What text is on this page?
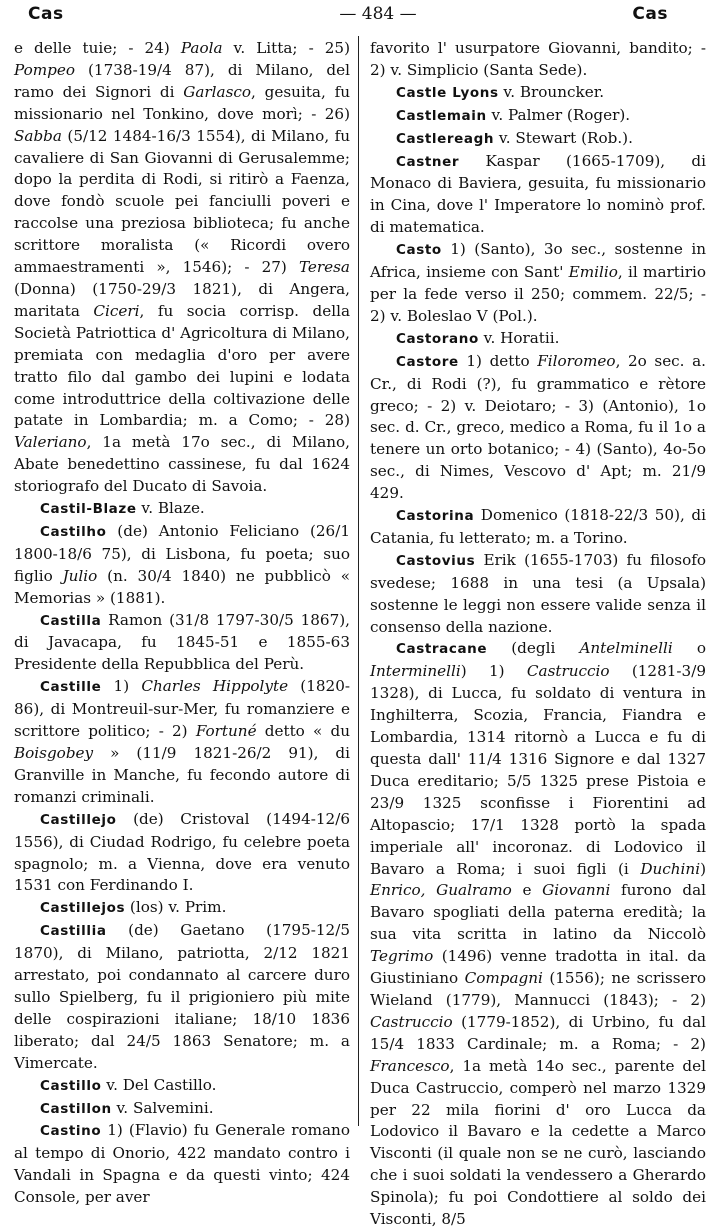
Cas	— 484 —	Cas

e delle tuie; - 24) Paola v. Litta; - 25) Pompeo (1738-19/4 87), di Milano, del ramo dei Signori di Garlasco, gesuita, fu missionario nel Tonkino, dove morì; - 26) Sabba (5/12 1484-16/3 1554), di Milano, fu cavaliere di San Giovanni di Gerusalemme; dopo la perdita di Rodi, si ritirò a Faenza, dove fondò scuole pei fanciulli poveri e raccolse una preziosa biblioteca; fu anche scrittore moralista (« Ricordi overo ammaestramenti », 1546); - 27) Teresa (Donna) (1750-29/3 1821), di Angera, maritata Ciceri, fu socia corrisp. della Società Patriottica d' Agricoltura di Milano, premiata con medaglia d'oro per avere tratto filo dal gambo dei lupini e lodata come introduttrice della coltivazione delle patate in Lombardia; m. a Como; - 28) Valeriano, 1a metà 17o sec., di Milano, Abate benedettino cassinese, fu dal 1624 storiografo del Ducato di Savoia.

Castil-Blaze v. Blaze.

Castilho (de) Antonio Feliciano (26/1 1800-18/6 75), di Lisbona, fu poeta; suo figlio Julio (n. 30/4 1840) ne pubblicò « Memorias » (1881).

Castilla Ramon (31/8 1797-30/5 1867), di Javacapa, fu 1845-51 e 1855-63 Presidente della Repubblica del Perù.

Castille 1) Charles Hippolyte (1820-86), di Montreuil-sur-Mer, fu romanziere e scrittore politico; - 2) Fortuné detto « du Boisgobey » (11/9 1821-26/2 91), di Granville in Manche, fu fecondo autore di romanzi criminali.

Castillejo (de) Cristoval (1494-12/6 1556), di Ciudad Rodrigo, fu celebre poeta spagnolo; m. a Vienna, dove era venuto 1531 con Ferdinando I.

Castillejos (los) v. Prim.

Castillia (de) Gaetano (1795-12/5 1870), di Milano, patriotta, 2/12 1821 arrestato, poi condannato al carcere duro sullo Spielberg, fu il prigioniero più mite delle cospirazioni italiane; 18/10 1836 liberato; dal 24/5 1863 Senatore; m. a Vimercate.

Castillo v. Del Castillo.

Castillon v. Salvemini.

Castino 1) (Flavio) fu Generale romano al tempo di Onorio, 422 mandato contro i Vandali in Spagna e da questi vinto; 424 Console, per aver

favorito l' usurpatore Giovanni, bandito; - 2) v. Simplicio (Santa Sede).

Castle Lyons v. Brouncker.

Castlemain v. Palmer (Roger).

Castlereagh v. Stewart (Rob.).

Castner Kaspar (1665-1709), di Monaco di Baviera, gesuita, fu missionario in Cina, dove l' Imperatore lo nominò prof. di matematica.

Casto 1) (Santo), 3o sec., sostenne in Africa, insieme con Sant' Emilio, il martirio per la fede verso il 250; commem. 22/5; - 2) v. Boleslao V (Pol.).

Castorano v. Horatii.

Castore 1) detto Filoromeo, 2o sec. a. Cr., di Rodi (?), fu grammatico e rètore greco; - 2) v. Deiotaro; - 3) (Antonio), 1o sec. d. Cr., greco, medico a Roma, fu il 1o a tenere un orto botanico; - 4) (Santo), 4o-5o sec., di Nimes, Vescovo d' Apt; m. 21/9 429.

Castorina Domenico (1818-22/3 50), di Catania, fu letterato; m. a Torino.

Castovius Erik (1655-1703) fu filosofo svedese; 1688 in una tesi (a Upsala) sostenne le leggi non essere valide senza il consenso della nazione.

Castracane (degli Antelminelli o Interminelli) 1) Castruccio (1281-3/9 1328), di Lucca, fu soldato di ventura in Inghilterra, Scozia, Francia, Fiandra e Lombardia, 1314 ritornò a Lucca e fu di questa dall' 11/4 1316 Signore e dal 1327 Duca ereditario; 5/5 1325 prese Pistoia e 23/9 1325 sconfisse i Fiorentini ad Altopascio; 17/1 1328 portò la spada imperiale all' incoronaz. di Lodovico il Bavaro a Roma; i suoi figli (i Duchini) Enrico, Gualramo e Giovanni furono dal Bavaro spogliati della paterna eredità; la sua vita scritta in latino da Niccolò Tegrimo (1496) venne tradotta in ital. da Giustiniano Compagni (1556); ne scrissero Wieland (1779), Mannucci (1843); - 2) Castruccio (1779-1852), di Urbino, fu dal 15/4 1833 Cardinale; m. a Roma; - 2) Francesco, 1a metà 14o sec., parente del Duca Castruccio, comperò nel marzo 1329 per 22 mila fiorini d' oro Lucca da Lodovico il Bavaro e la cedette a Marco Visconti (il quale non se ne curò, lasciando che i suoi soldati la vendessero a Gherardo Spinola); fu poi Condottiere al soldo dei Visconti, 8/5
